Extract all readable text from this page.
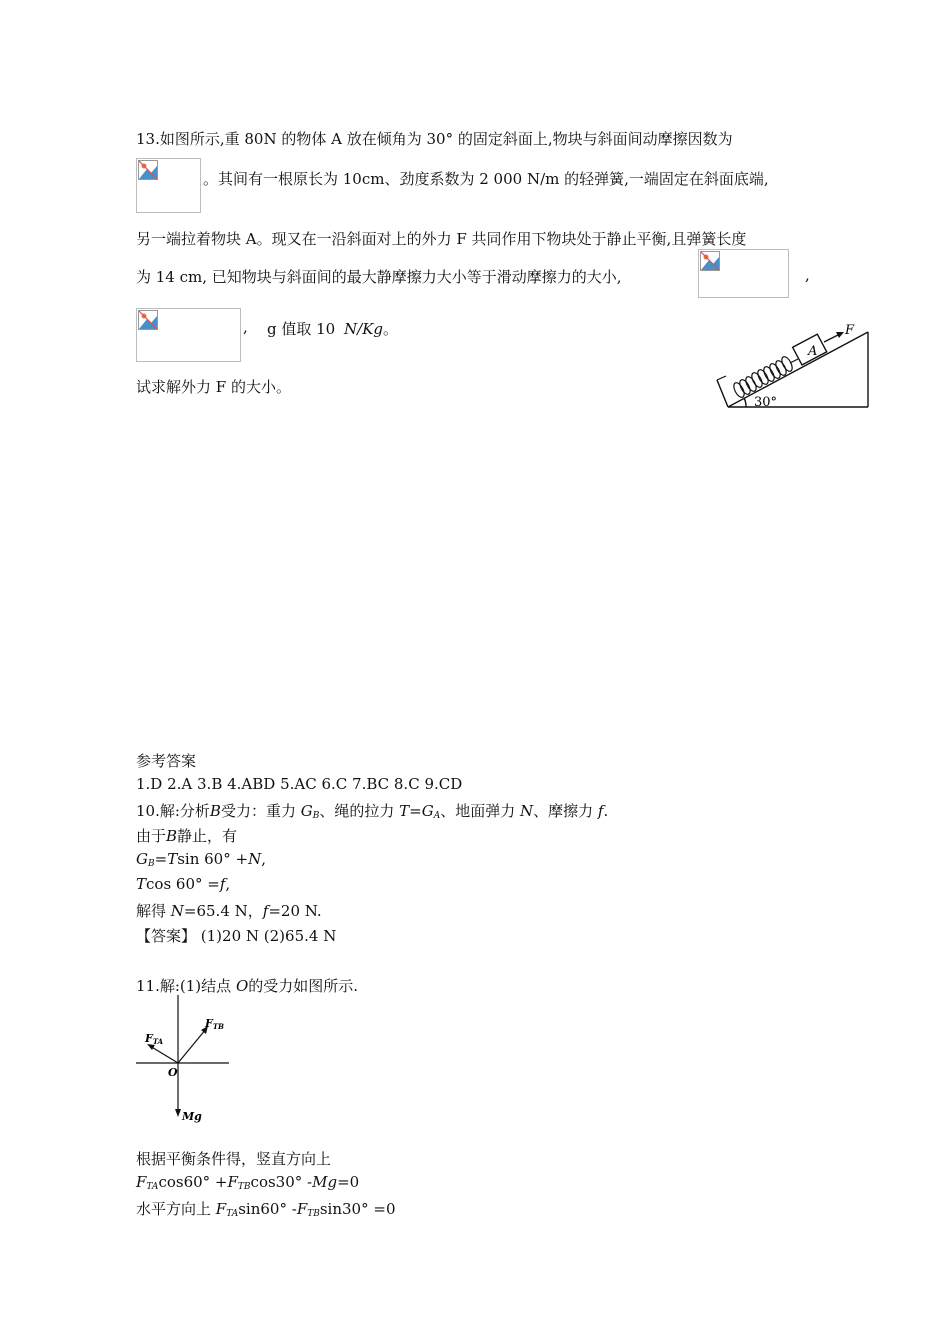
13.如图所示,重 80N 的物体 A 放在倾角为 30° 的固定斜面上,物块与斜面间动摩擦因数为
。其间有一根原长为 10cm、劲度系数为 2 000 N/m 的轻弹簧,一端固定在斜面底端,
另一端拉着物块 A。现又在一沿斜面对上的外力 F 共同作用下物块处于静止平衡,且弹簧长度
为 14 cm, 已知物块与斜面间的最大静摩擦力大小等于滑动摩擦力的大小,	,
, g 值取 10 N/Kg。
试求解外力 F 的大小。
A
F
30°
参考答案
1.D 2.A 3.B 4.ABD 5.AC 6.C 7.BC 8.C 9.CD
10.解:分析B受力：重力 $G_B$、绳的拉力 $T=G_A$、地面弹力 N、摩擦力 f.
由于B静止，有
$G_B=Tsin$ 60° +N,
Tcos 60° =f,
解得 N=65.4 N，f=20 N.
【答案】 (1)20 N (2)65.4 N
11.解:(1)结点 O的受力如图所示.
FTA
FTB
O
Mg
根据平衡条件得，竖直方向上
$F_{TA}\cos 60^\circ +F_{TB}\cos 30^\circ$ -Mg=0
水平方向上 $F_{TA}\sin 60^\circ$ $-F_{TB}\sin 30^\circ =0$
